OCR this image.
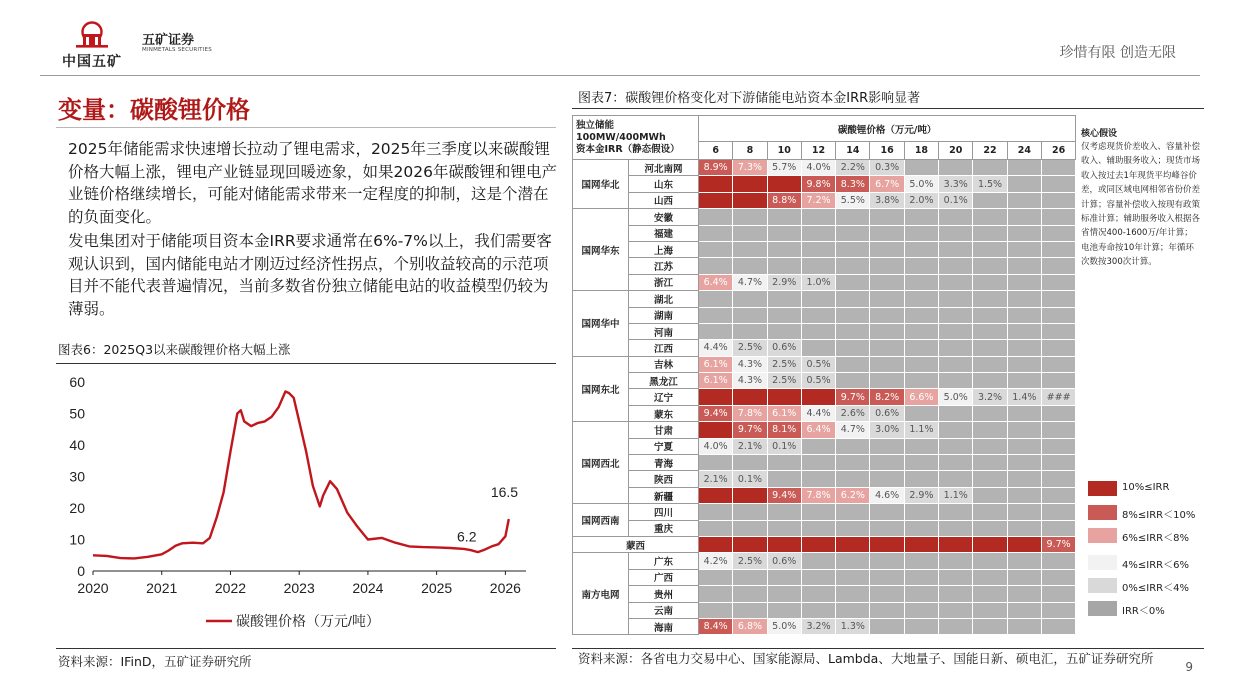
中国五矿
五矿证券
MINMETALS SECURITIES	珍惜有限 创造无限
变量：碳酸锂价格
2025年储能需求快速增长拉动了锂电需求，2025年三季度以来碳酸锂价格大幅上涨，锂电产业链显现回暖迹象，如果2026年碳酸锂和锂电产业链价格继续增长，可能对储能需求带来一定程度的抑制，这是个潜在的负面变化。
发电集团对于储能项目资本金IRR要求通常在6%-7%以上，我们需要客观认识到，国内储能电站才刚迈过经济性拐点，个别收益较高的示范项目并不能代表普遍情况，当前多数省份独立储能电站的收益模型仍较为薄弱。
图表6：2025Q3以来碳酸锂价格大幅上涨
0
10
20
30
40
50
60
2020	2021	2022	2023	2024	2025	2026
碳酸锂价格（万元/吨）
6.2
16.5
资料来源：IFinD，五矿证券研究所
图表7：碳酸锂价格变化对下游储能电站资本金IRR影响显著
独立储能
100MW/400MWh
资本金IRR（静态假设）		碳酸锂价格（万元/吨）										
		6	8	10	12	14	16	18	20	22	24	26
国网华北	河北南网	8.9%	7.3%	5.7%	4.0%	2.2%	0.3%					
	山东				9.8%	8.3%	6.7%	5.0%	3.3%	1.5%		
	山西			8.8%	7.2%	5.5%	3.8%	2.0%	0.1%			
国网华东	安徽											
	福建											
	上海											
	江苏											
	浙江	6.4%	4.7%	2.9%	1.0%							
国网华中	湖北											
	湖南											
	河南											
	江西	4.4%	2.5%	0.6%								
国网东北	吉林	6.1%	4.3%	2.5%	0.5%							
	黑龙江	6.1%	4.3%	2.5%	0.5%							
	辽宁					9.7%	8.2%	6.6%	5.0%	3.2%	1.4%	###
	蒙东	9.4%	7.8%	6.1%	4.4%	2.6%	0.6%					
国网西北	甘肃		9.7%	8.1%	6.4%	4.7%	3.0%	1.1%				
	宁夏	4.0%	2.1%	0.1%								
	青海											
	陕西	2.1%	0.1%									
	新疆			9.4%	7.8%	6.2%	4.6%	2.9%	1.1%			
国网西南	四川											
	重庆											
蒙西												9.7%
南方电网	广东	4.2%	2.5%	0.6%								
	广西											
	贵州											
	云南											
	海南	8.4%	6.8%	5.0%	3.2%	1.3%						
核心假设
仅考虑现货价差收入、容量补偿收入、辅助服务收入；现货市场收入按过去1年现货平均峰谷价差，或同区域电网相邻省份价差计算；容量补偿收入按现有政策标准计算；辅助服务收入根据各省情况400-1600万/年计算；电池寿命按10年计算；年循环次数按300次计算。
10%≤IRR
8%≤IRR＜10%
6%≤IRR＜8%
4%≤IRR＜6%
0%≤IRR＜4%
IRR＜0%
资料来源：各省电力交易中心、国家能源局、Lambda、大地量子、国能日新、硕电汇，五矿证券研究所
9
